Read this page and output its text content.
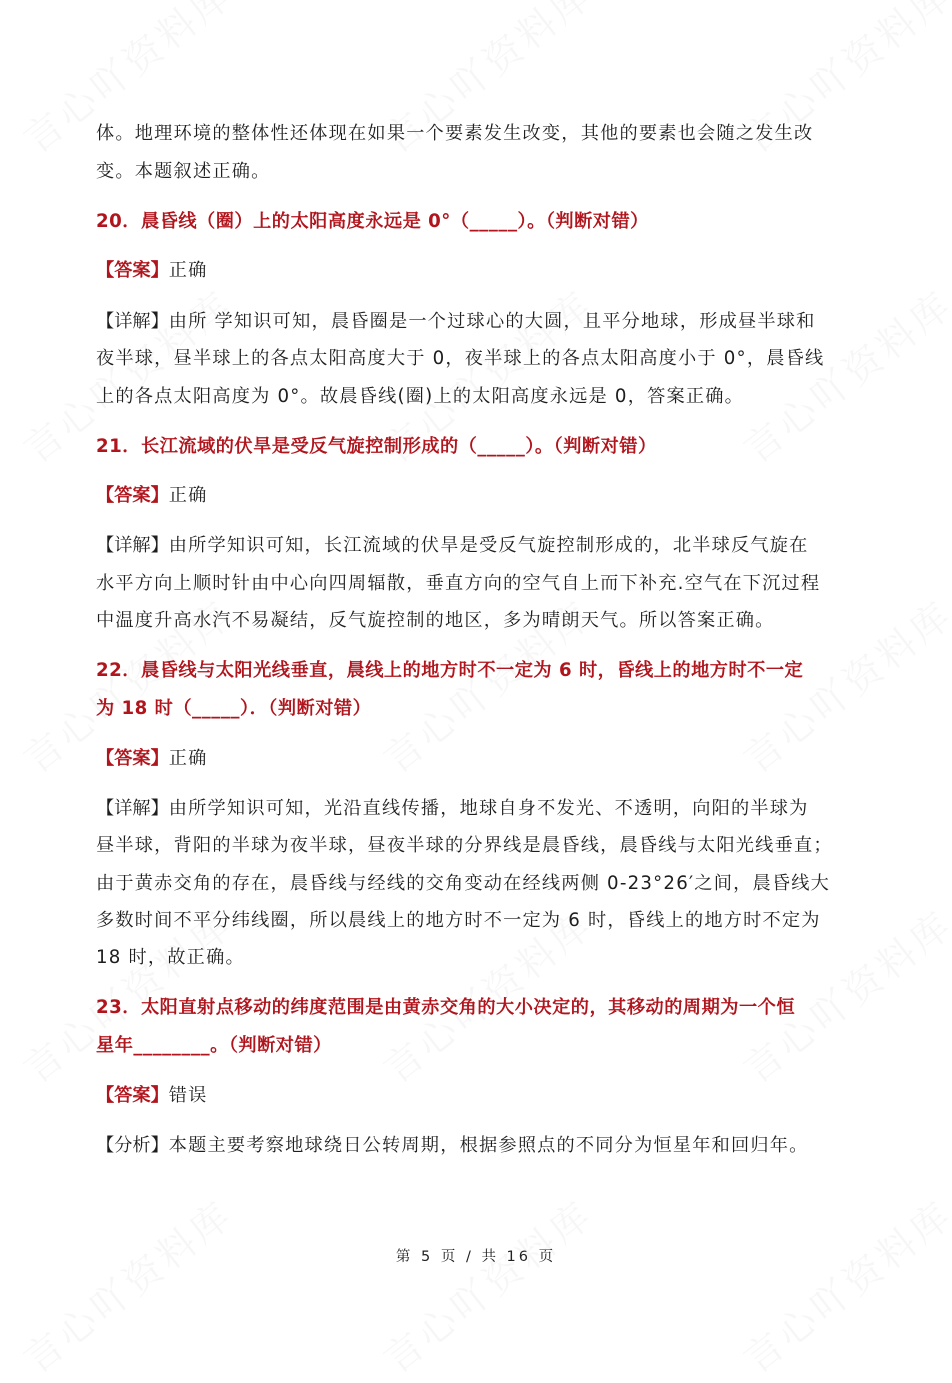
体。地理环境的整体性还体现在如果一个要素发生改变，其他的要素也会随之发生改
变。本题叙述正确。
20．晨昏线（圈）上的太阳高度永远是 0°（_____）。（判断对错）
【答案】正确
【详解】由所 学知识可知，晨昏圈是一个过球心的大圆，且平分地球，形成昼半球和
夜半球，昼半球上的各点太阳高度大于 0，夜半球上的各点太阳高度小于 0°，晨昏线
上的各点太阳高度为 0°。故晨昏线(圈)上的太阳高度永远是 0，答案正确。
21．长江流域的伏旱是受反气旋控制形成的（_____）。（判断对错）
【答案】正确
【详解】由所学知识可知，长江流域的伏旱是受反气旋控制形成的，北半球反气旋在
水平方向上顺时针由中心向四周辐散，垂直方向的空气自上而下补充.空气在下沉过程
中温度升高水汽不易凝结，反气旋控制的地区，多为晴朗天气。所以答案正确。
22．晨昏线与太阳光线垂直，晨线上的地方时不一定为 6 时，昏线上的地方时不一定
为 18 时（_____）．（判断对错）
【答案】正确
【详解】由所学知识可知，光沿直线传播，地球自身不发光、不透明，向阳的半球为
昼半球，背阳的半球为夜半球，昼夜半球的分界线是晨昏线，晨昏线与太阳光线垂直；
由于黄赤交角的存在，晨昏线与经线的交角变动在经线两侧 0-23°26′之间，晨昏线大
多数时间不平分纬线圈，所以晨线上的地方时不一定为 6 时，昏线上的地方时不定为
18 时，故正确。
23．太阳直射点移动的纬度范围是由黄赤交角的大小决定的，其移动的周期为一个恒
星年________。（判断对错）
【答案】错误
【分析】本题主要考察地球绕日公转周期，根据参照点的不同分为恒星年和回归年。
第 5 页 / 共 16 页
